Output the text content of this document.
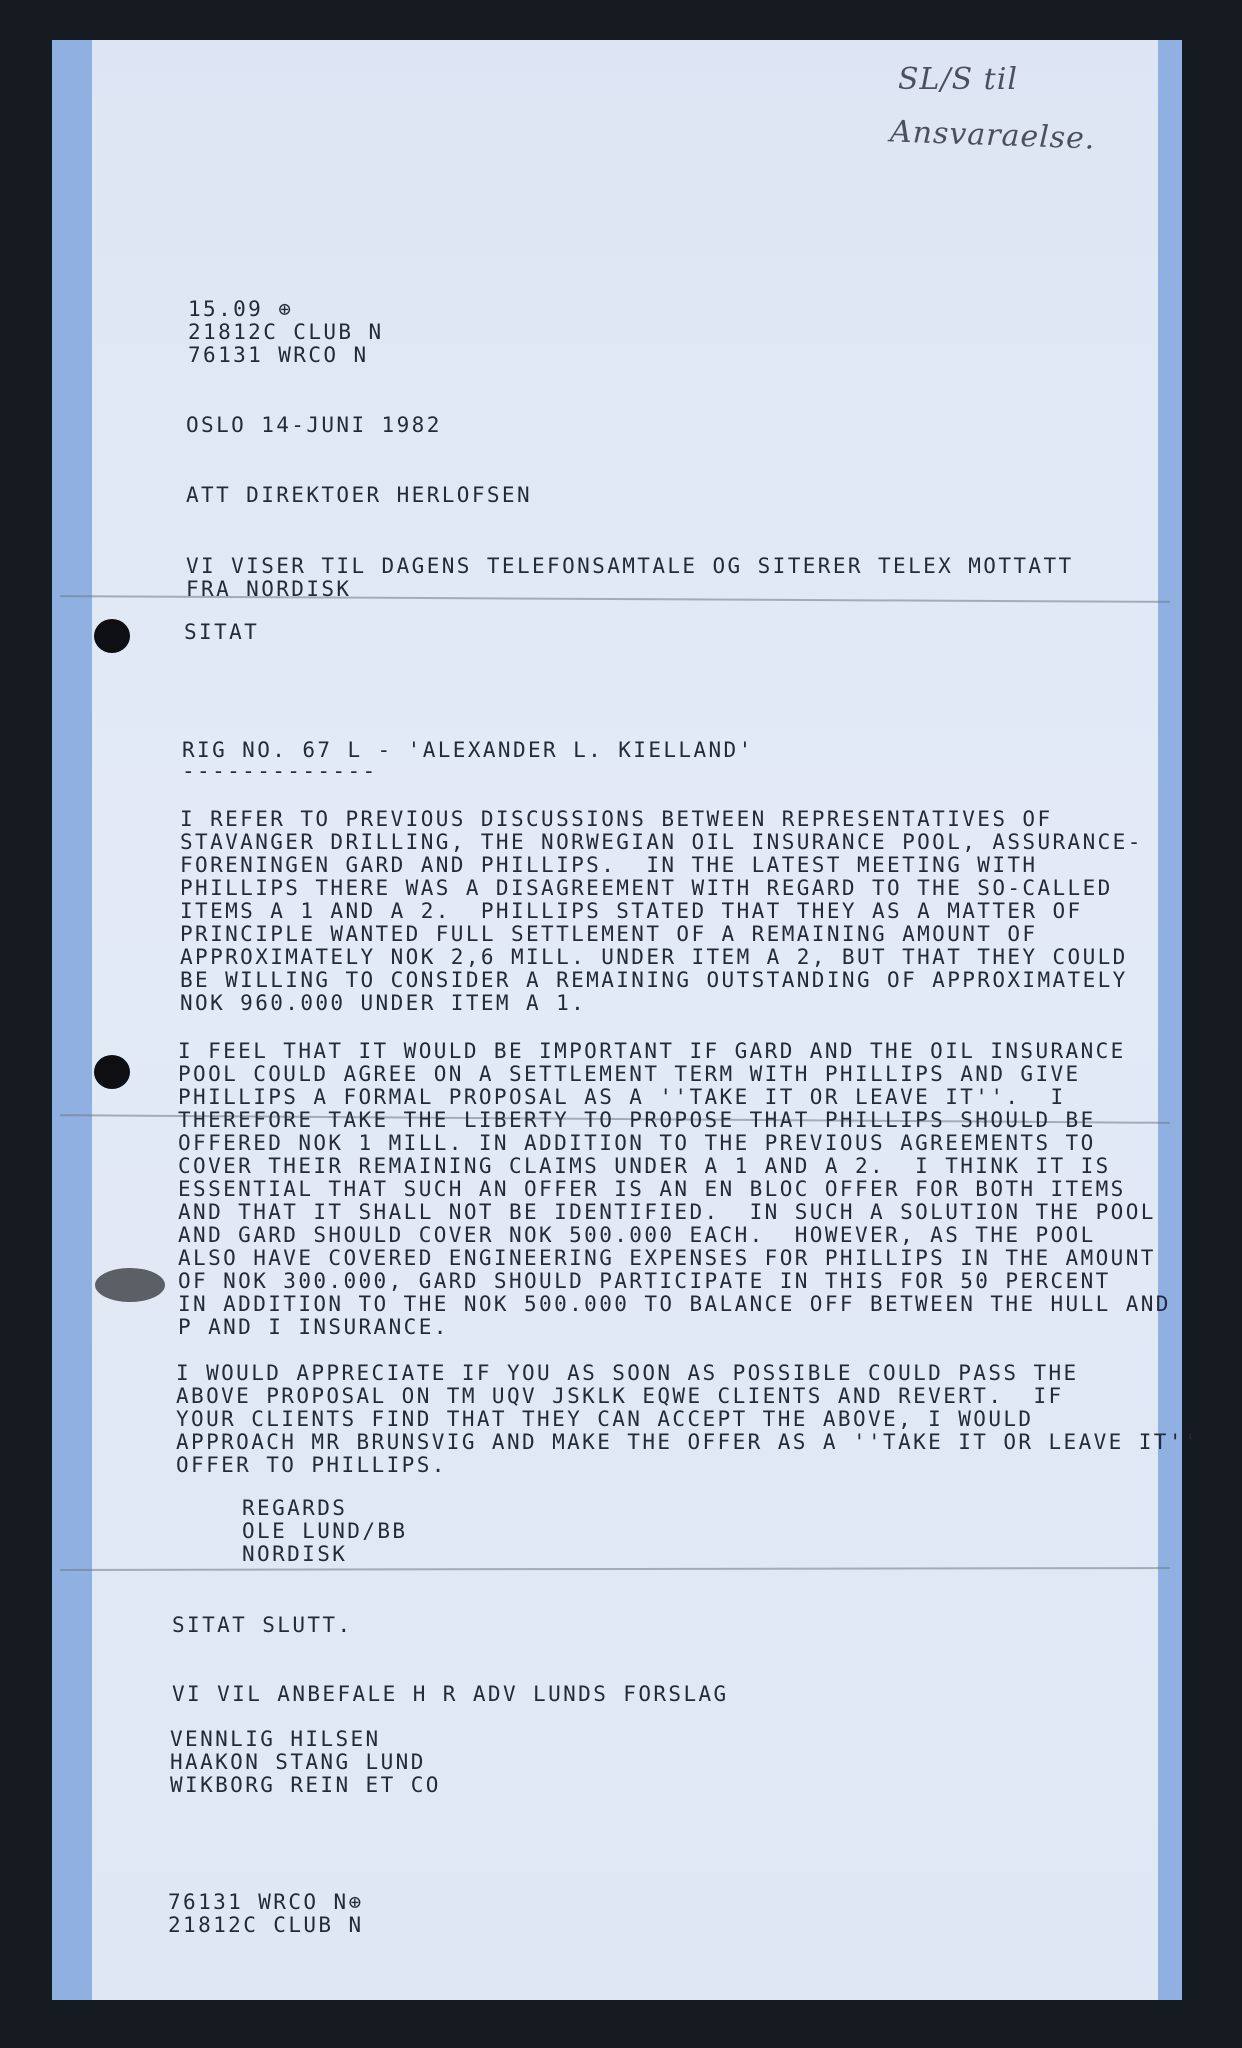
SL/S til
Ansvaraelse.

15.09 ⊕

21812C CLUB N

76131 WRCO N

OSLO 14-JUNI 1982

ATT DIREKTOER HERLOFSEN

VI VISER TIL DAGENS TELEFONSAMTALE OG SITERER TELEX MOTTATT
FRA NORDISK

SITAT

RIG NO. 67 L - 'ALEXANDER L. KIELLAND'

-------------

I REFER TO PREVIOUS DISCUSSIONS BETWEEN REPRESENTATIVES OF
STAVANGER DRILLING, THE NORWEGIAN OIL INSURANCE POOL, ASSURANCE-
FORENINGEN GARD AND PHILLIPS.  IN THE LATEST MEETING WITH
PHILLIPS THERE WAS A DISAGREEMENT WITH REGARD TO THE SO-CALLED
ITEMS A 1 AND A 2.  PHILLIPS STATED THAT THEY AS A MATTER OF
PRINCIPLE WANTED FULL SETTLEMENT OF A REMAINING AMOUNT OF
APPROXIMATELY NOK 2,6 MILL. UNDER ITEM A 2, BUT THAT THEY COULD
BE WILLING TO CONSIDER A REMAINING OUTSTANDING OF APPROXIMATELY
NOK 960.000 UNDER ITEM A 1.

I FEEL THAT IT WOULD BE IMPORTANT IF GARD AND THE OIL INSURANCE
POOL COULD AGREE ON A SETTLEMENT TERM WITH PHILLIPS AND GIVE
PHILLIPS A FORMAL PROPOSAL AS A ''TAKE IT OR LEAVE IT''.  I
THEREFORE TAKE THE LIBERTY TO PROPOSE THAT PHILLIPS SHOULD BE
OFFERED NOK 1 MILL. IN ADDITION TO THE PREVIOUS AGREEMENTS TO
COVER THEIR REMAINING CLAIMS UNDER A 1 AND A 2.  I THINK IT IS
ESSENTIAL THAT SUCH AN OFFER IS AN EN BLOC OFFER FOR BOTH ITEMS
AND THAT IT SHALL NOT BE IDENTIFIED.  IN SUCH A SOLUTION THE POOL
AND GARD SHOULD COVER NOK 500.000 EACH.  HOWEVER, AS THE POOL
ALSO HAVE COVERED ENGINEERING EXPENSES FOR PHILLIPS IN THE AMOUNT
OF NOK 300.000, GARD SHOULD PARTICIPATE IN THIS FOR 50 PERCENT
IN ADDITION TO THE NOK 500.000 TO BALANCE OFF BETWEEN THE HULL AND
P AND I INSURANCE.

I WOULD APPRECIATE IF YOU AS SOON AS POSSIBLE COULD PASS THE
ABOVE PROPOSAL ON TM UQV JSKLK EQWE CLIENTS AND REVERT.  IF
YOUR CLIENTS FIND THAT THEY CAN ACCEPT THE ABOVE, I WOULD
APPROACH MR BRUNSVIG AND MAKE THE OFFER AS A ''TAKE IT OR LEAVE IT''
OFFER TO PHILLIPS.

REGARDS
OLE LUND/BB
NORDISK

SITAT SLUTT.

VI VIL ANBEFALE H R ADV LUNDS FORSLAG

VENNLIG HILSEN
HAAKON STANG LUND
WIKBORG REIN ET CO

76131 WRCO N⊕
21812C CLUB N
